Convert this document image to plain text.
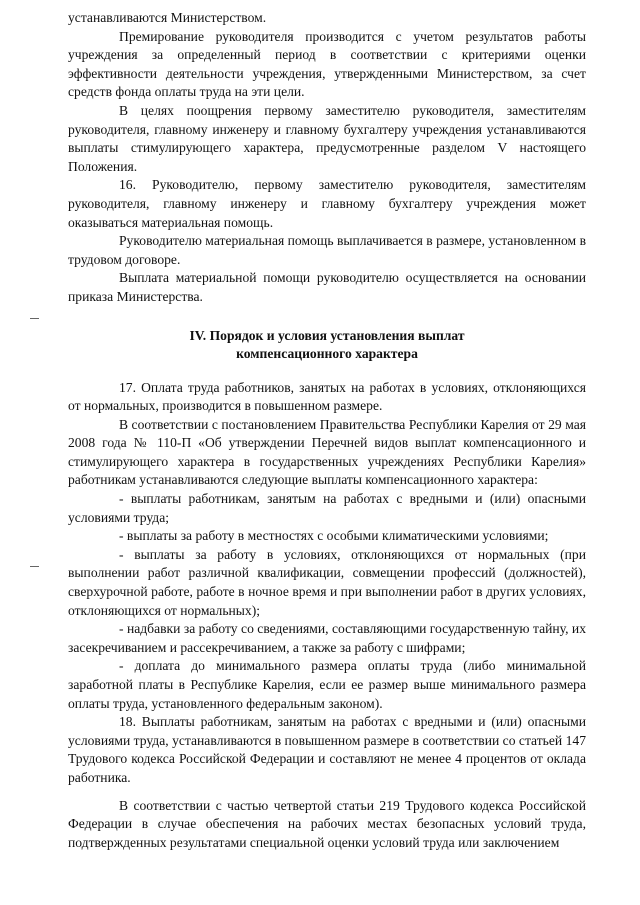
устанавливаются Министерством.

Премирование руководителя производится с учетом результатов работы учреждения за определенный период в соответствии с критериями оценки эффективности деятельности учреждения, утвержденными Министерством, за счет средств фонда оплаты труда на эти цели.

В целях поощрения первому заместителю руководителя, заместителям руководителя, главному инженеру и главному бухгалтеру учреждения устанавливаются выплаты стимулирующего характера, предусмотренные разделом V настоящего Положения.

16. Руководителю, первому заместителю руководителя, заместителям руководителя, главному инженеру и главному бухгалтеру учреждения может оказываться материальная помощь.

Руководителю материальная помощь выплачивается в размере, установленном в трудовом договоре.

Выплата материальной помощи руководителю осуществляется на основании приказа Министерства.

IV. Порядок и условия установления выплат
компенсационного характера

17. Оплата труда работников, занятых на работах в условиях, отклоняющихся от нормальных, производится в повышенном размере.

В соответствии с постановлением Правительства Республики Карелия от 29 мая 2008 года № 110-П «Об утверждении Перечней видов выплат компенсационного и стимулирующего характера в государственных учреждениях Республики Карелия» работникам устанавливаются следующие выплаты компенсационного характера:

- выплаты работникам, занятым на работах с вредными и (или) опасными условиями труда;

- выплаты за работу в местностях с особыми климатическими условиями;

- выплаты за работу в условиях, отклоняющихся от нормальных (при выполнении работ различной квалификации, совмещении профессий (должностей), сверхурочной работе, работе в ночное время и при выполнении работ в других условиях, отклоняющихся от нормальных);

- надбавки за работу со сведениями, составляющими государственную тайну, их засекречиванием и рассекречиванием, а также за работу с шифрами;

- доплата до минимального размера оплаты труда (либо минимальной заработной платы в Республике Карелия, если ее размер выше минимального размера оплаты труда, установленного федеральным законом).

18. Выплаты работникам, занятым на работах с вредными и (или) опасными условиями труда, устанавливаются в повышенном размере в соответствии со статьей 147 Трудового кодекса Российской Федерации и составляют не менее 4 процентов от оклада работника.

В соответствии с частью четвертой статьи 219 Трудового кодекса Российской Федерации в случае обеспечения на рабочих местах безопасных условий труда, подтвержденных результатами специальной оценки условий труда или заключением
